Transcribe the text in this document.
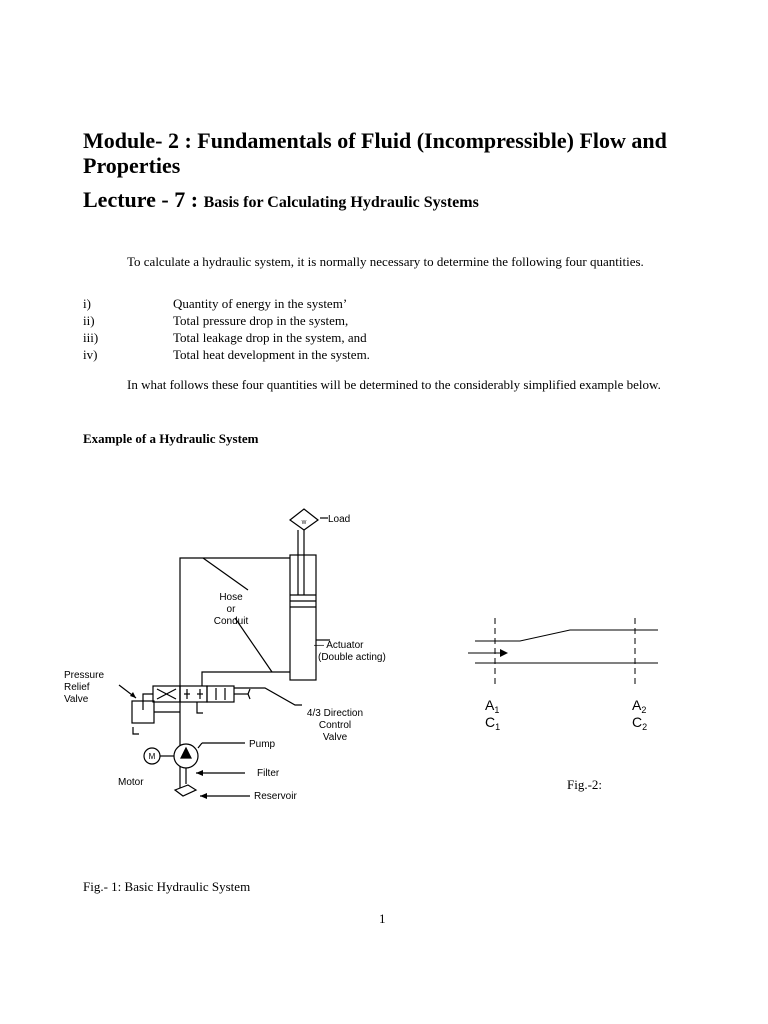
Module- 2 : Fundamentals of Fluid (Incompressible) Flow and Properties
Lecture - 7 : Basis for Calculating Hydraulic Systems
To calculate a hydraulic system, it is normally necessary to determine the following four quantities.
i)	Quantity of energy in the system’
ii)	Total pressure drop in the system,
iii)	Total leakage drop in the system, and
iv)	Total heat development in the system.
In what follows these four quantities will be determined to the considerably simplified example below.
Example of a Hydraulic System
W Load
Hose
or
Conduit
— Actuator
(Double acting)
Pressure
Relief
Valve
4/3 Direction
Control
Valve
Pump
M
Motor
Filter
Reservoir
$A_1$
$C_1$
$A_2$
$C_2$
Fig.-2:
Fig.- 1: Basic Hydraulic System
1
